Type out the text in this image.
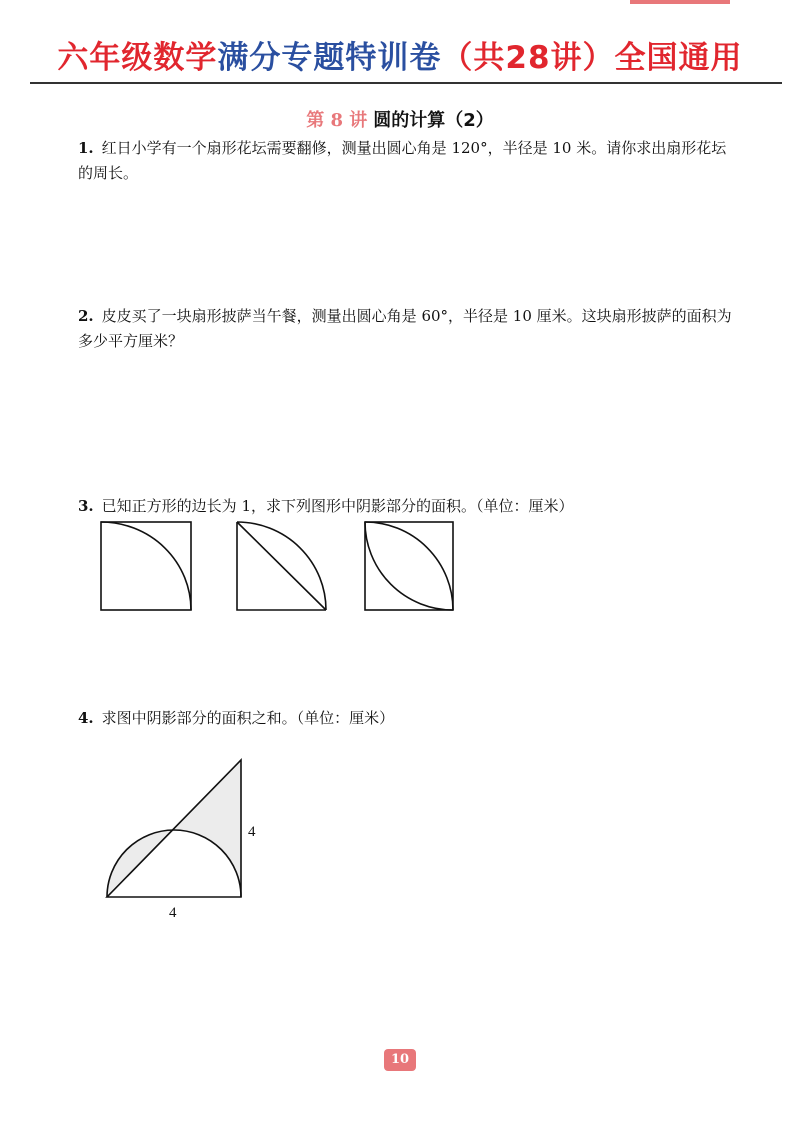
六年级数学满分专题特训卷（共28讲）全国通用
第 8 讲 圆的计算（2）
1. 红日小学有一个扇形花坛需要翻修，测量出圆心角是 120°，半径是 10 米。请你求出扇形花坛的周长。
2. 皮皮买了一块扇形披萨当午餐，测量出圆心角是 60°，半径是 10 厘米。这块扇形披萨的面积为多少平方厘米？
3. 已知正方形的边长为 1，求下列图形中阴影部分的面积。（单位：厘米）
4. 求图中阴影部分的面积之和。（单位：厘米）
4
4
10
